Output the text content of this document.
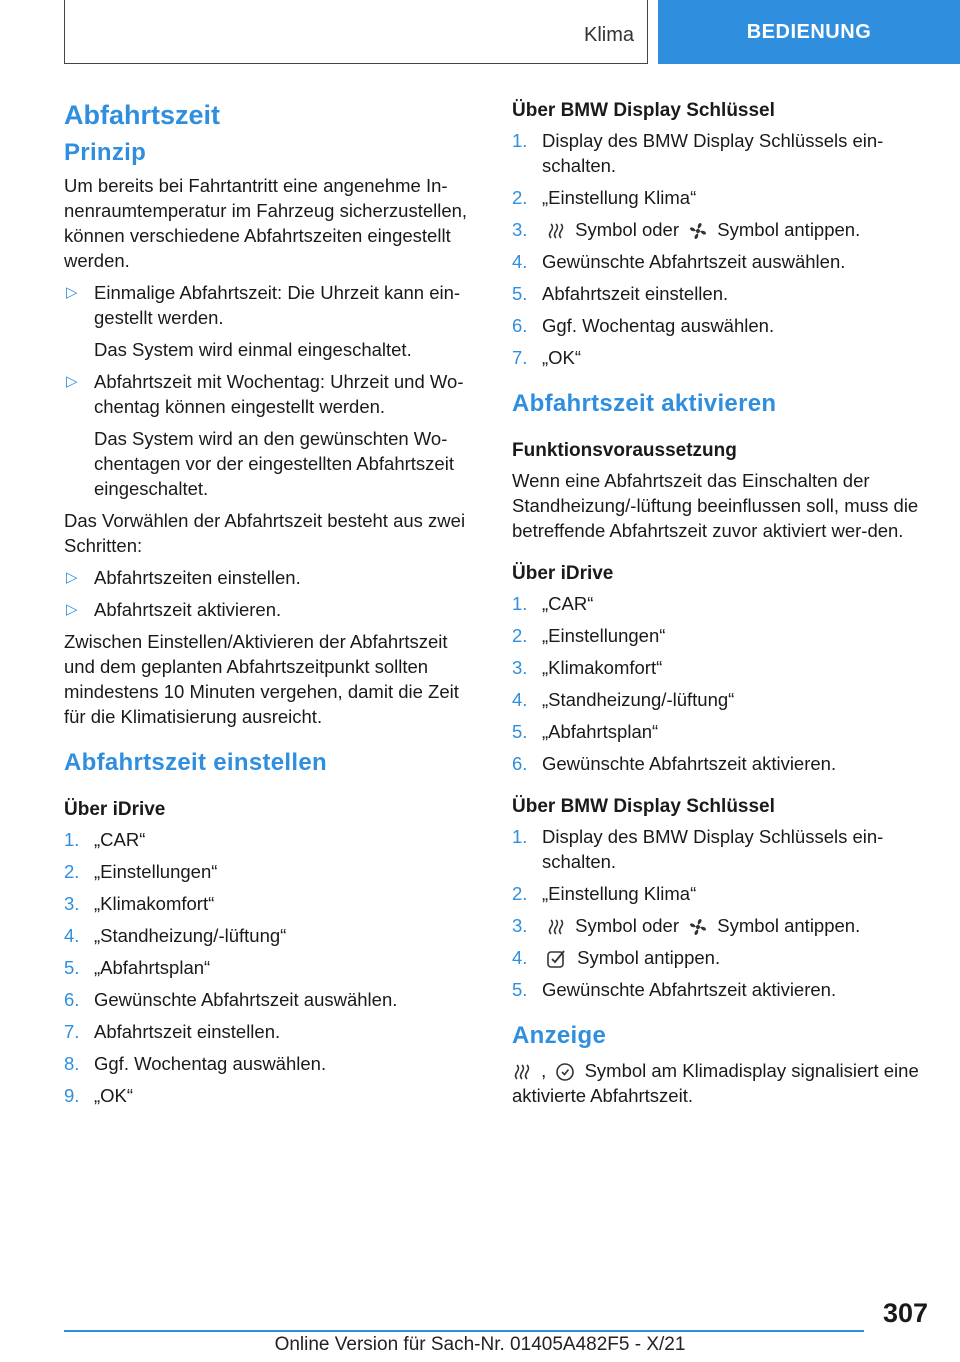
Klima	BEDIENUNG
Abfahrtszeit
Prinzip

Um bereits bei Fahrtantritt eine angenehme In-nenraumtemperatur im Fahrzeug sicherzustellen, können verschiedene Abfahrtszeiten eingestellt werden.

▷ Einmalige Abfahrtszeit: Die Uhrzeit kann ein-gestellt werden.
Das System wird einmal eingeschaltet.
▷ Abfahrtszeit mit Wochentag: Uhrzeit und Wo-chentag können eingestellt werden.
Das System wird an den gewünschten Wo-chentagen vor der eingestellten Abfahrtszeit eingeschaltet.

Das Vorwählen der Abfahrtszeit besteht aus zwei Schritten:

▷ Abfahrtszeiten einstellen.
▷ Abfahrtszeit aktivieren.

Zwischen Einstellen/Aktivieren der Abfahrtszeit und dem geplanten Abfahrtszeitpunkt sollten mindestens 10 Minuten vergehen, damit die Zeit für die Klimatisierung ausreicht.

Abfahrtszeit einstellen
Über iDrive
1. „CAR“
2. „Einstellungen“
3. „Klimakomfort“
4. „Standheizung/-lüftung“
5. „Abfahrtsplan“
6. Gewünschte Abfahrtszeit auswählen.
7. Abfahrtszeit einstellen.
8. Ggf. Wochentag auswählen.
9. „OK“
Über BMW Display Schlüssel
1. Display des BMW Display Schlüssels ein-schalten.
2. „Einstellung Klima“
3.	Symbol oder Symbol antippen.
4. Gewünschte Abfahrtszeit auswählen.
5. Abfahrtszeit einstellen.
6. Ggf. Wochentag auswählen.
7. „OK“
Abfahrtszeit aktivieren
Funktionsvoraussetzung

Wenn eine Abfahrtszeit das Einschalten der Standheizung/-lüftung beeinflussen soll, muss die betreffende Abfahrtszeit zuvor aktiviert wer-den.

Über iDrive
1. „CAR“
2. „Einstellungen“
3. „Klimakomfort“
4. „Standheizung/-lüftung“
5. „Abfahrtsplan“
6. Gewünschte Abfahrtszeit aktivieren.
Über BMW Display Schlüssel
1. Display des BMW Display Schlüssels ein-schalten.
2. „Einstellung Klima“
3.	Symbol oder Symbol antippen.
4.	Symbol antippen.
5. Gewünschte Abfahrtszeit aktivieren.
Anzeige

, Symbol am Klimadisplay signalisiert eine aktivierte Abfahrtszeit.

307
Online Version für Sach-Nr. 01405A482F5 - X/21
